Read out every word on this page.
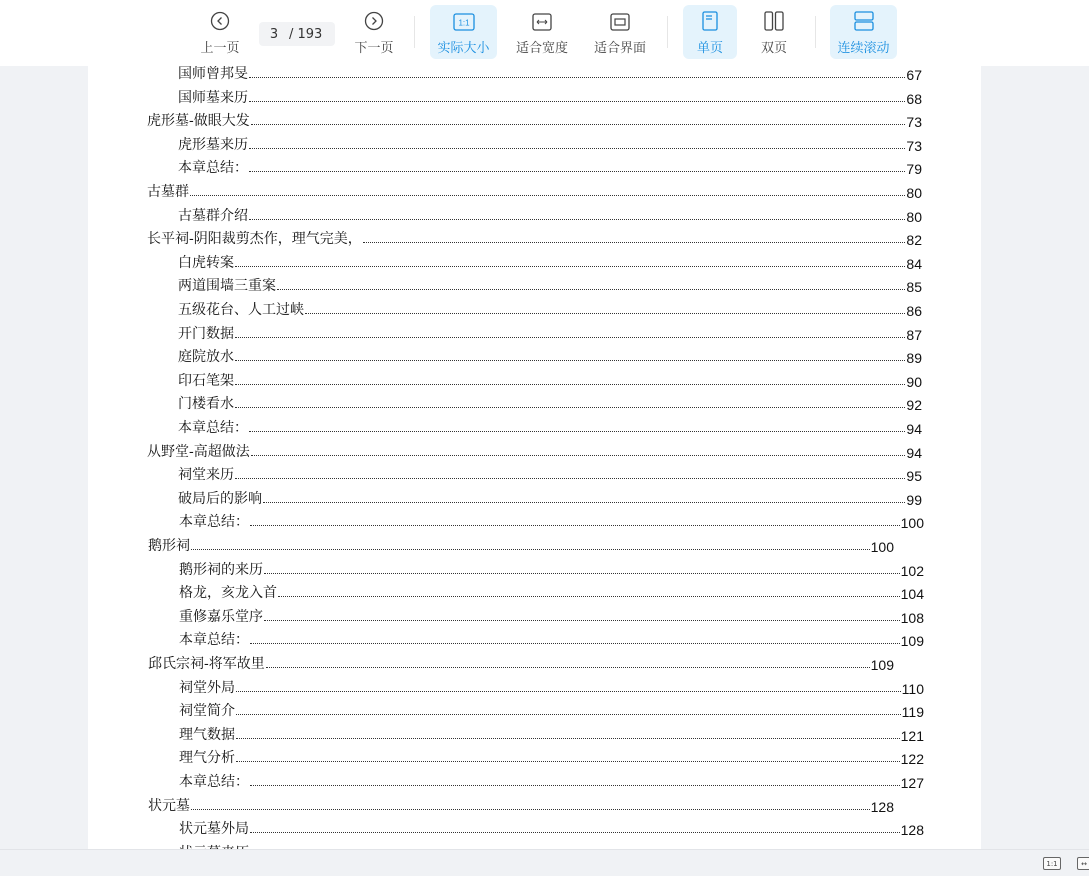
上一页
3
/ 193
下一页
1:1
实际大小 适合宽度 适合界面	单页	双页	连续滚动
国师曾邦旻	67
国师墓来历	68
虎形墓-做眼大发	73
虎形墓来历	73
本章总结：	79
古墓群	80
古墓群介绍	80
长平祠-阴阳裁剪杰作，理气完美，	82
白虎转案	84
两道围墙三重案	85
五级花台、人工过峡	86
开门数据	87
庭院放水	89
印石笔架	90
门楼看水	92
本章总结：	94
从野堂-高超做法	94
祠堂来历	95
破局后的影响	99
本章总结：	100
鹅形祠	100
鹅形祠的来历	102
格龙，亥龙入首	104
重修嘉乐堂序	108
本章总结：	109
邱氏宗祠-将军故里	109
祠堂外局	110
祠堂简介	119
理气数据	121
理气分析	122
本章总结：	127
状元墓	128
状元墓外局	128
1:1	↔
